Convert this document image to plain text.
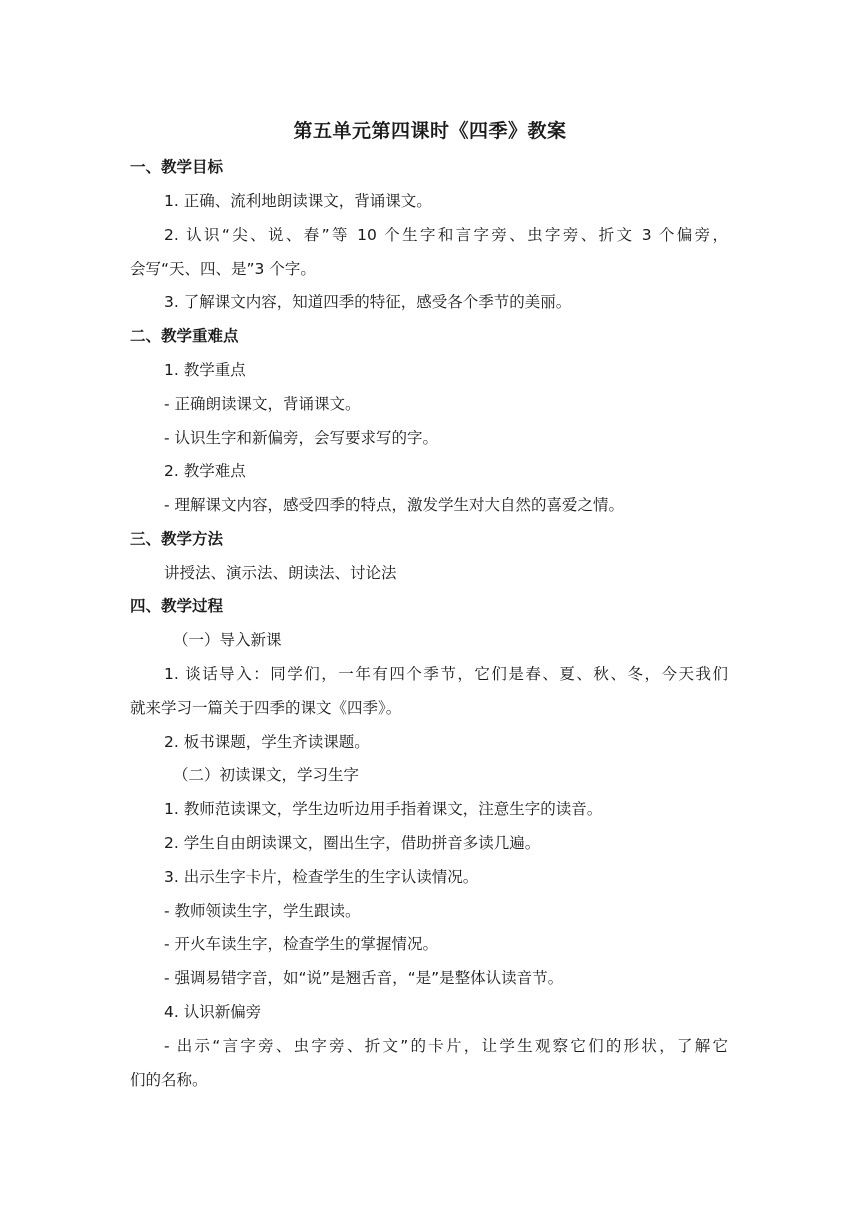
第五单元第四课时《四季》教案
一、教学目标
1. 正确、流利地朗读课文，背诵课文。
2. 认识“尖、说、春”等 10 个生字和言字旁、虫字旁、折文 3 个偏旁，
会写“天、四、是”3 个字。
3. 了解课文内容，知道四季的特征，感受各个季节的美丽。
二、教学重难点
1. 教学重点
- 正确朗读课文，背诵课文。
- 认识生字和新偏旁，会写要求写的字。
2. 教学难点
- 理解课文内容，感受四季的特点，激发学生对大自然的喜爱之情。
三、教学方法
讲授法、演示法、朗读法、讨论法
四、教学过程
（一）导入新课
1. 谈话导入：同学们，一年有四个季节，它们是春、夏、秋、冬，今天我们
就来学习一篇关于四季的课文《四季》。
2. 板书课题，学生齐读课题。
（二）初读课文，学习生字
1. 教师范读课文，学生边听边用手指着课文，注意生字的读音。
2. 学生自由朗读课文，圈出生字，借助拼音多读几遍。
3. 出示生字卡片，检查学生的生字认读情况。
- 教师领读生字，学生跟读。
- 开火车读生字，检查学生的掌握情况。
- 强调易错字音，如“说”是翘舌音，“是”是整体认读音节。
4. 认识新偏旁
- 出示“言字旁、虫字旁、折文”的卡片，让学生观察它们的形状，了解它
们的名称。
